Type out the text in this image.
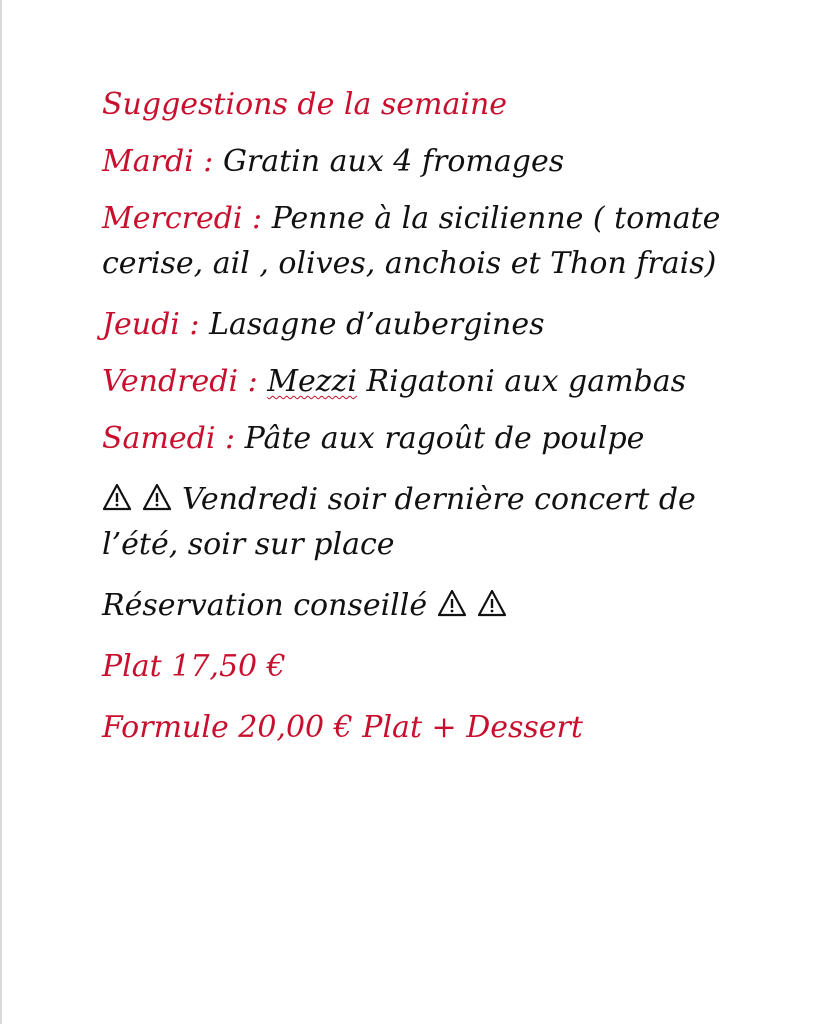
Suggestions de la semaine
Mardi : Gratin aux 4 fromages
Mercredi : Penne à la sicilienne ( tomate cerise, ail , olives, anchois et Thon frais)
Jeudi : Lasagne d’aubergines
Vendredi : Mezzi Rigatoni aux gambas
Samedi : Pâte aux ragoût de poulpe
Vendredi soir dernière concert de l’été, soir sur place
Réservation conseillé
Plat 17,50 €
Formule 20,00 € Plat + Dessert
